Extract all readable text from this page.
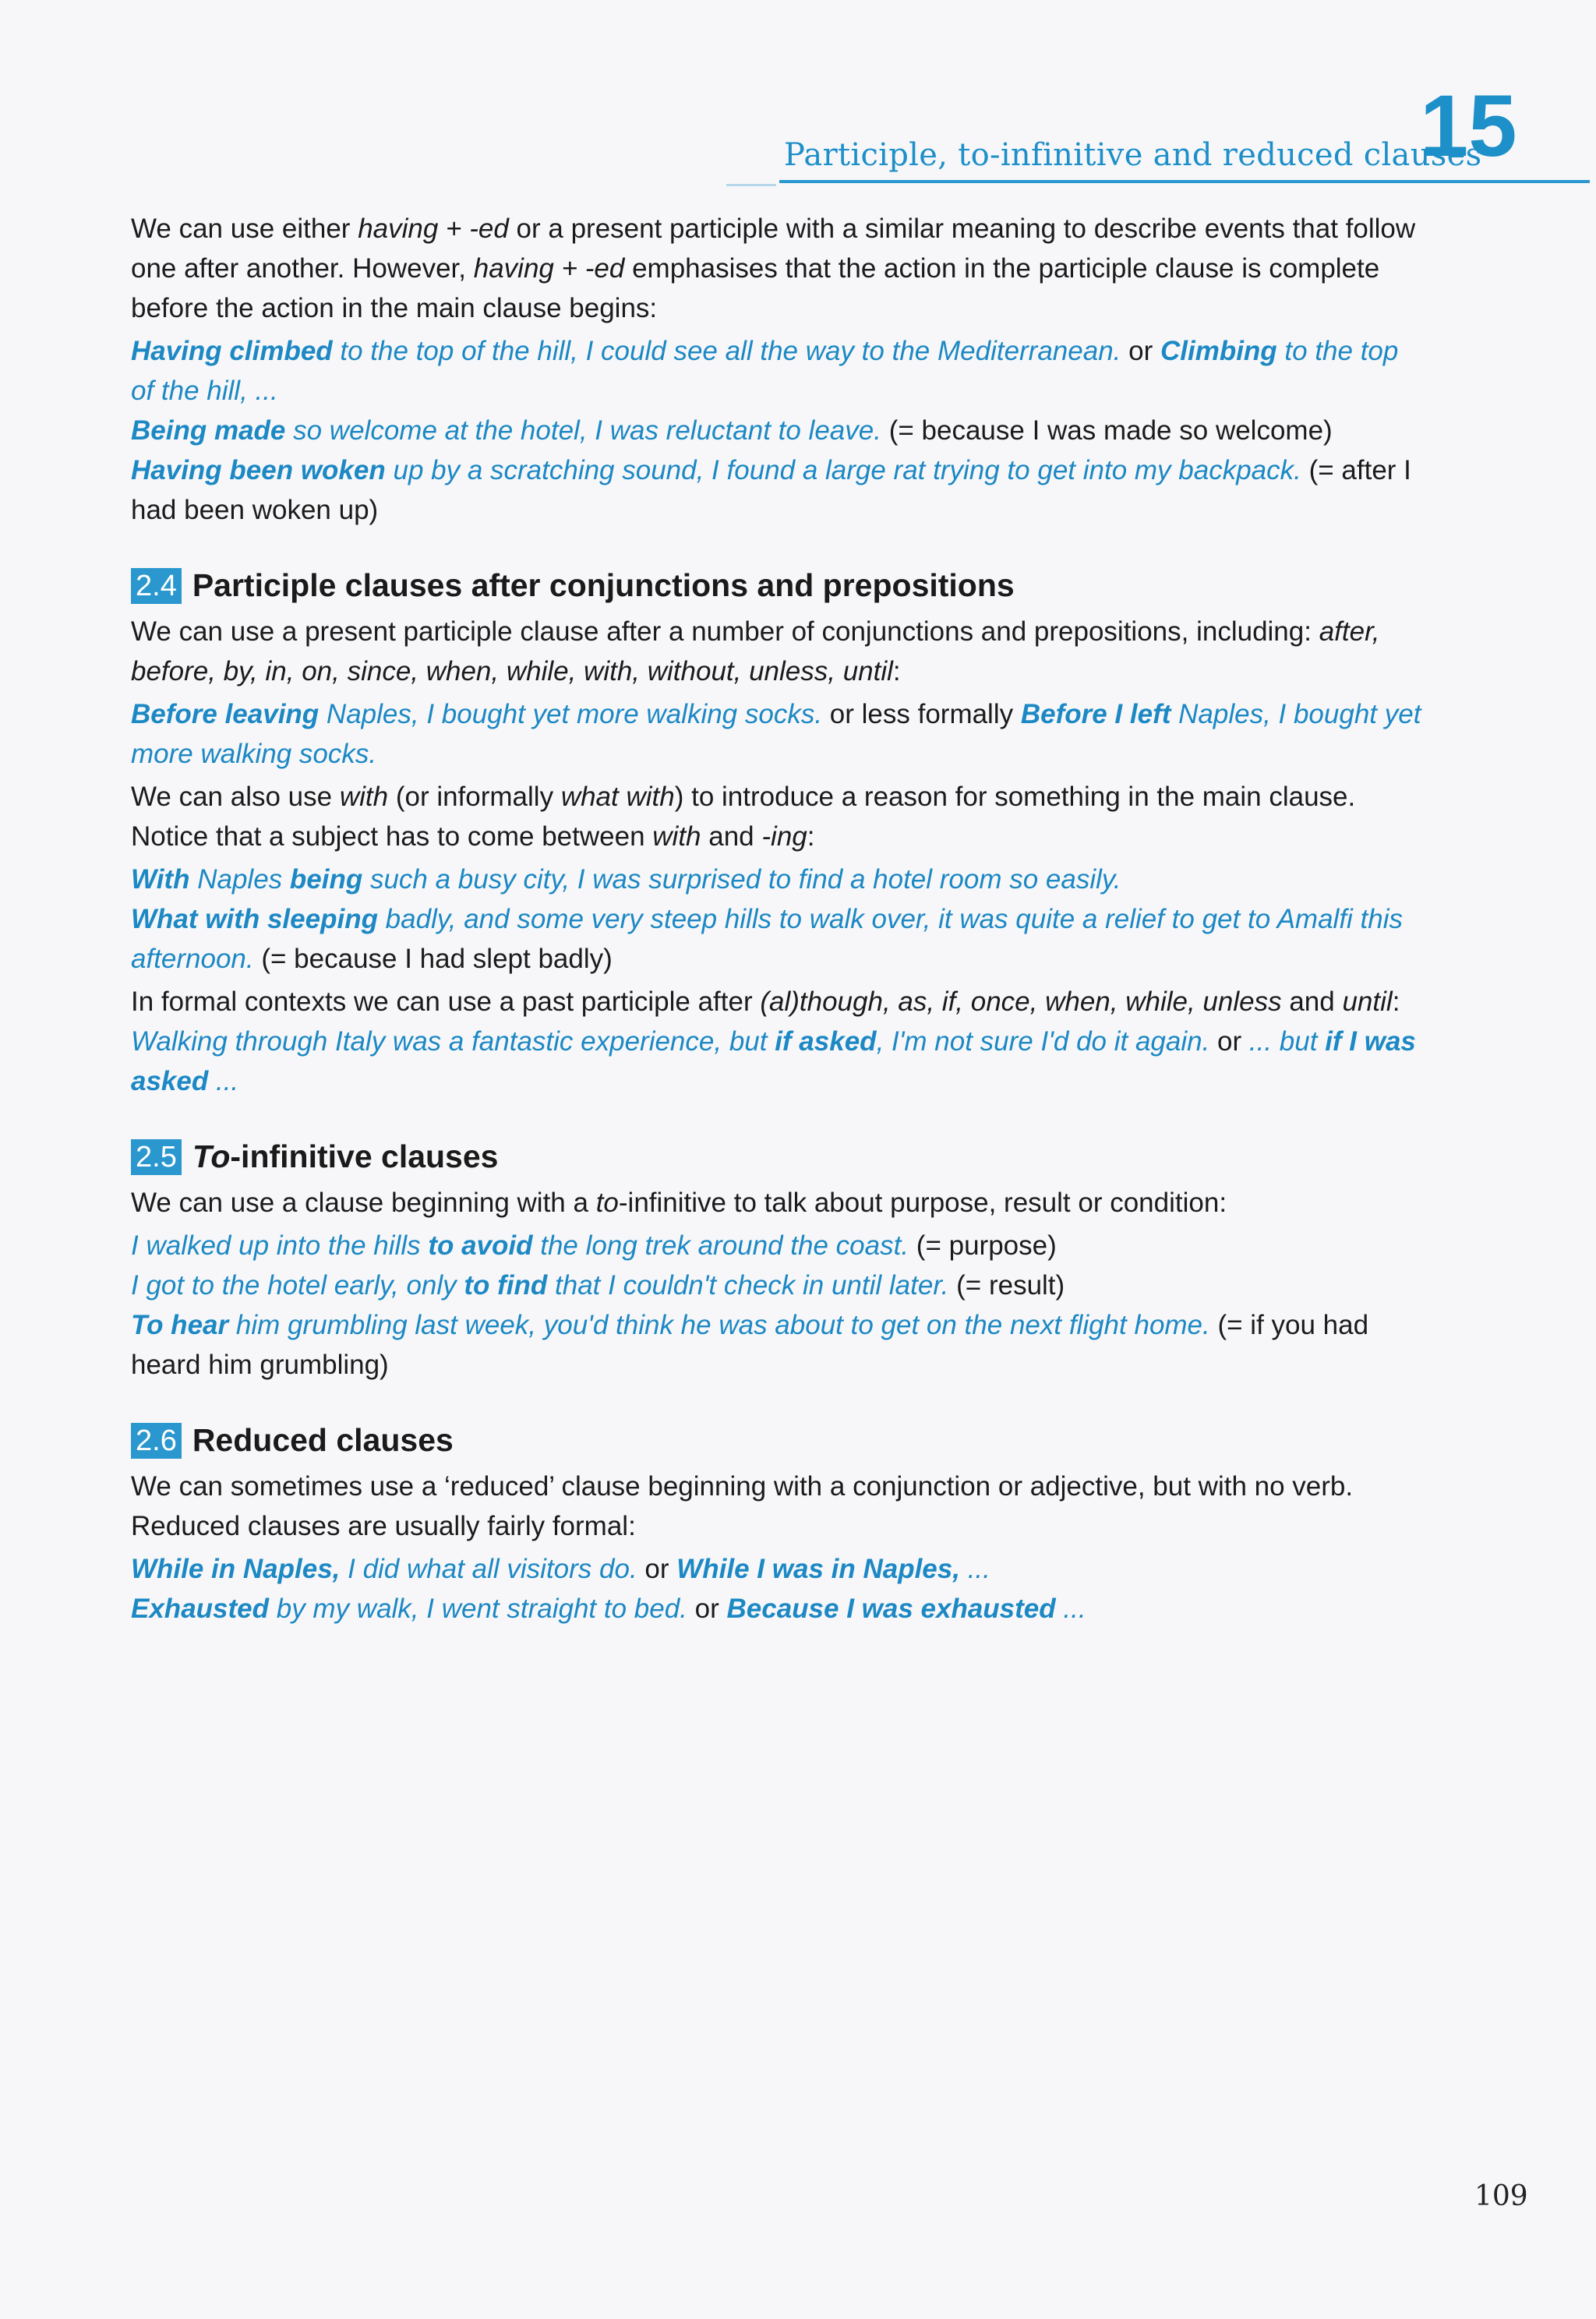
Participle, to-infinitive and reduced clauses
15

We can use either having + -ed or a present participle with a similar meaning to describe events that follow one after another. However, having + -ed emphasises that the action in the participle clause is complete before the action in the main clause begins:

Having climbed to the top of the hill, I could see all the way to the Mediterranean. or Climbing to the top of the hill, ...

Being made so welcome at the hotel, I was reluctant to leave. (= because I was made so welcome)

Having been woken up by a scratching sound, I found a large rat trying to get into my backpack. (= after I had been woken up)

2.4 Participle clauses after conjunctions and prepositions

We can use a present participle clause after a number of conjunctions and prepositions, including: after, before, by, in, on, since, when, while, with, without, unless, until:

Before leaving Naples, I bought yet more walking socks. or less formally Before I left Naples, I bought yet more walking socks.

We can also use with (or informally what with) to introduce a reason for something in the main clause. Notice that a subject has to come between with and -ing:

With Naples being such a busy city, I was surprised to find a hotel room so easily.

What with sleeping badly, and some very steep hills to walk over, it was quite a relief to get to Amalfi this afternoon. (= because I had slept badly)

In formal contexts we can use a past participle after (al)though, as, if, once, when, while, unless and until:

Walking through Italy was a fantastic experience, but if asked, I'm not sure I'd do it again. or ... but if I was asked ...

2.5 To-infinitive clauses

We can use a clause beginning with a to-infinitive to talk about purpose, result or condition:

I walked up into the hills to avoid the long trek around the coast. (= purpose)

I got to the hotel early, only to find that I couldn't check in until later. (= result)

To hear him grumbling last week, you'd think he was about to get on the next flight home. (= if you had heard him grumbling)

2.6 Reduced clauses

We can sometimes use a ‘reduced’ clause beginning with a conjunction or adjective, but with no verb. Reduced clauses are usually fairly formal:

While in Naples, I did what all visitors do. or While I was in Naples, ...

Exhausted by my walk, I went straight to bed. or Because I was exhausted ...

109
